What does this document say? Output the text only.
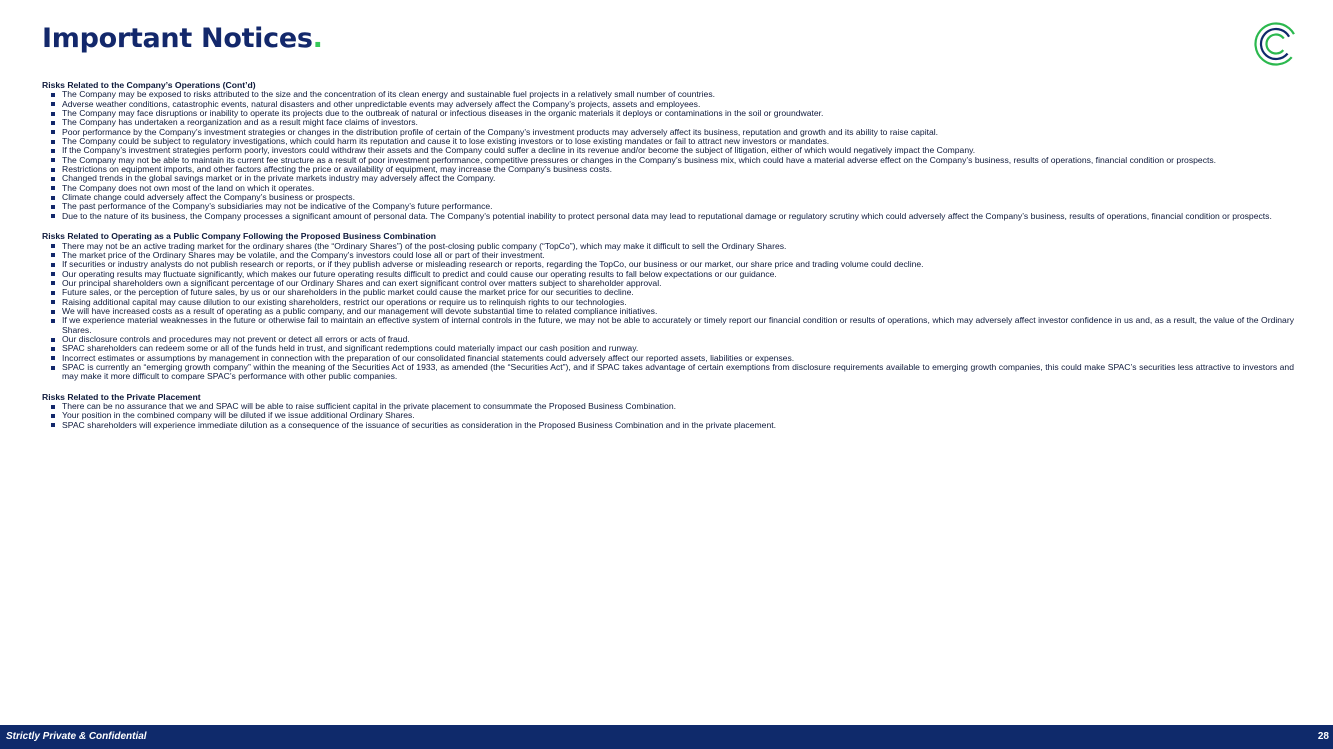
Important Notices.
Risks Related to the Company’s Operations (Cont’d)
The Company may be exposed to risks attributed to the size and the concentration of its clean energy and sustainable fuel projects in a relatively small number of countries.
Adverse weather conditions, catastrophic events, natural disasters and other unpredictable events may adversely affect the Company’s projects, assets and employees.
The Company may face disruptions or inability to operate its projects due to the outbreak of natural or infectious diseases in the organic materials it deploys or contaminations in the soil or groundwater.
The Company has undertaken a reorganization and as a result might face claims of investors.
Poor performance by the Company’s investment strategies or changes in the distribution profile of certain of the Company’s investment products may adversely affect its business, reputation and growth and its ability to raise capital.
The Company could be subject to regulatory investigations, which could harm its reputation and cause it to lose existing investors or to lose existing mandates or fail to attract new investors or mandates.
If the Company’s investment strategies perform poorly, investors could withdraw their assets and the Company could suffer a decline in its revenue and/or become the subject of litigation, either of which would negatively impact the Company.
The Company may not be able to maintain its current fee structure as a result of poor investment performance, competitive pressures or changes in the Company’s business mix, which could have a material adverse effect on the Company’s business, results of operations, financial condition or prospects.
Restrictions on equipment imports, and other factors affecting the price or availability of equipment, may increase the Company’s business costs.
Changed trends in the global savings market or in the private markets industry may adversely affect the Company.
The Company does not own most of the land on which it operates.
Climate change could adversely affect the Company’s business or prospects.
The past performance of the Company’s subsidiaries may not be indicative of the Company’s future performance.
Due to the nature of its business, the Company processes a significant amount of personal data. The Company’s potential inability to protect personal data may lead to reputational damage or regulatory scrutiny which could adversely affect the Company’s business, results of operations, financial condition or prospects.
Risks Related to Operating as a Public Company Following the Proposed Business Combination
There may not be an active trading market for the ordinary shares (the “Ordinary Shares”) of the post-closing public company (“TopCo”), which may make it difficult to sell the Ordinary Shares.
The market price of the Ordinary Shares may be volatile, and the Company’s investors could lose all or part of their investment.
If securities or industry analysts do not publish research or reports, or if they publish adverse or misleading research or reports, regarding the TopCo, our business or our market, our share price and trading volume could decline.
Our operating results may fluctuate significantly, which makes our future operating results difficult to predict and could cause our operating results to fall below expectations or our guidance.
Our principal shareholders own a significant percentage of our Ordinary Shares and can exert significant control over matters subject to shareholder approval.
Future sales, or the perception of future sales, by us or our shareholders in the public market could cause the market price for our securities to decline.
Raising additional capital may cause dilution to our existing shareholders, restrict our operations or require us to relinquish rights to our technologies.
We will have increased costs as a result of operating as a public company, and our management will devote substantial time to related compliance initiatives.
If we experience material weaknesses in the future or otherwise fail to maintain an effective system of internal controls in the future, we may not be able to accurately or timely report our financial condition or results of operations, which may adversely affect investor confidence in us and, as a result, the value of the Ordinary Shares.
Our disclosure controls and procedures may not prevent or detect all errors or acts of fraud.
SPAC shareholders can redeem some or all of the funds held in trust, and significant redemptions could materially impact our cash position and runway.
Incorrect estimates or assumptions by management in connection with the preparation of our consolidated financial statements could adversely affect our reported assets, liabilities or expenses.
SPAC is currently an “emerging growth company” within the meaning of the Securities Act of 1933, as amended (the “Securities Act”), and if SPAC takes advantage of certain exemptions from disclosure requirements available to emerging growth companies, this could make SPAC’s securities less attractive to investors and may make it more difficult to compare SPAC’s performance with other public companies.
Risks Related to the Private Placement
There can be no assurance that we and SPAC will be able to raise sufficient capital in the private placement to consummate the Proposed Business Combination.
Your position in the combined company will be diluted if we issue additional Ordinary Shares.
SPAC shareholders will experience immediate dilution as a consequence of the issuance of securities as consideration in the Proposed Business Combination and in the private placement.
Strictly Private & Confidential	28
